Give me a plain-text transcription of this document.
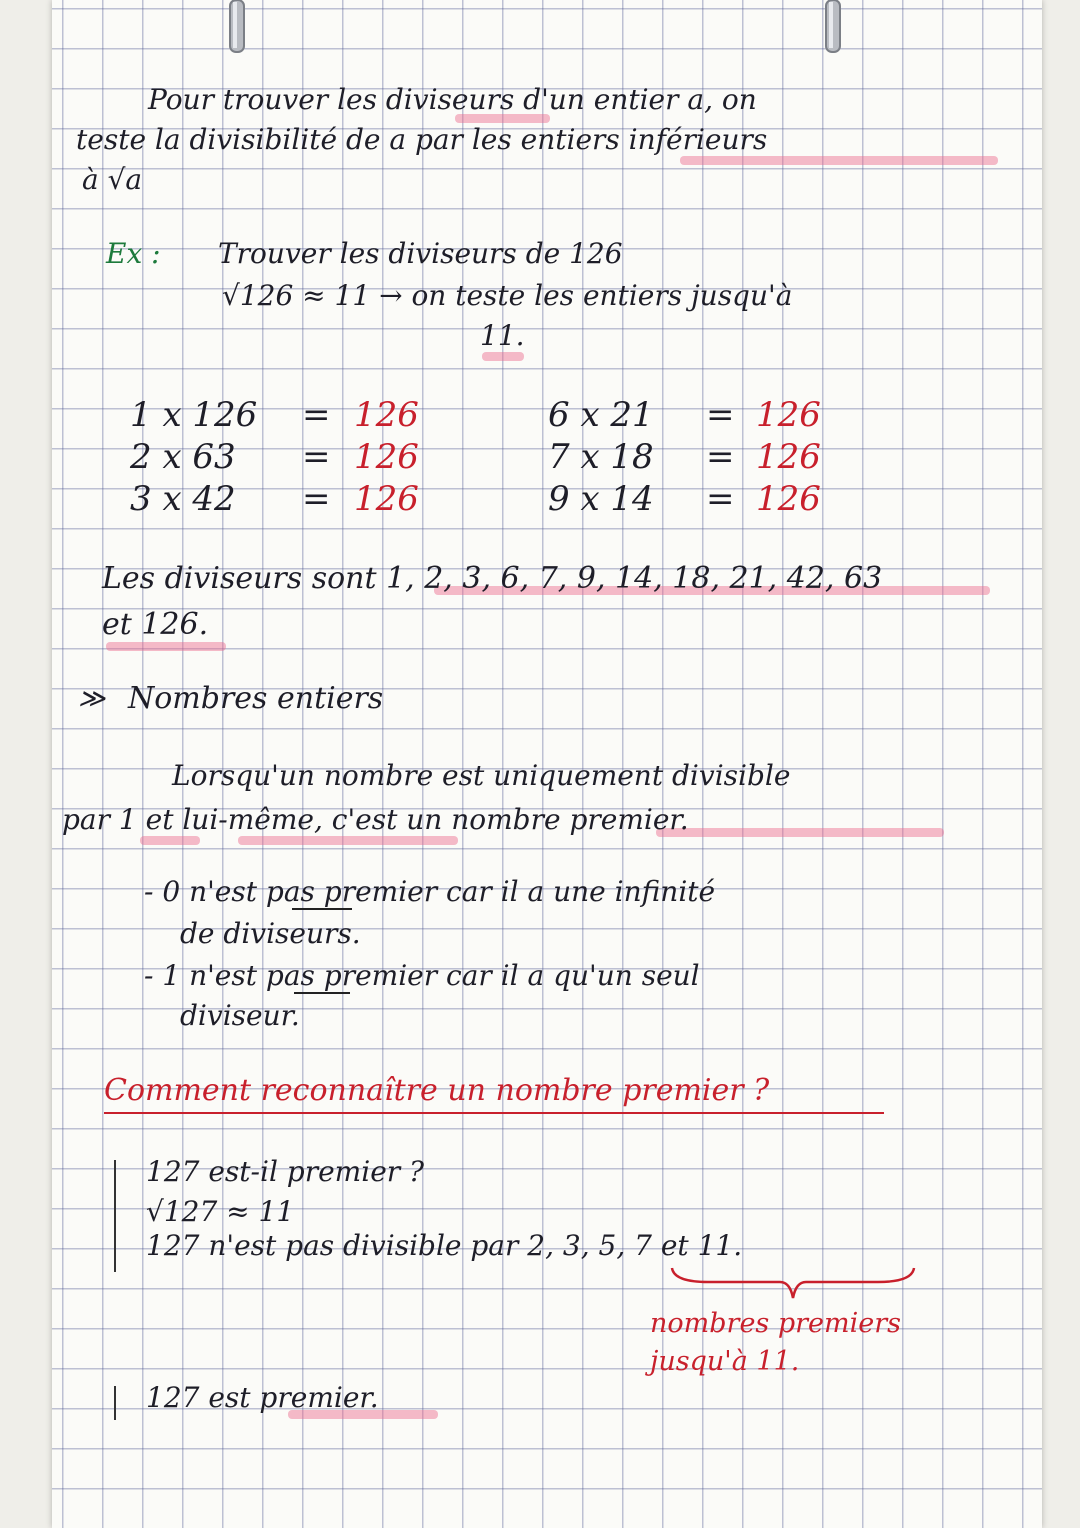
Pour trouver les diviseurs d'un entier a, on
teste la divisibilité de a par les entiers inférieurs
à √a
Ex : Trouver les diviseurs de 126
√126 ≈ 11 → on teste les entiers jusqu'à
11.
1 x 126 = 126
2 x 63 = 126
3 x 42 = 126
6 x 21 = 126
7 x 18 = 126
9 x 14 = 126
Les diviseurs sont 1, 2, 3, 6, 7, 9, 14, 18, 21, 42, 63
et 126.
≫ Nombres entiers
Lorsqu'un nombre est uniquement divisible
par 1 et lui-même, c'est un nombre premier.
- 0 n'est pas premier car il a une infinité
de diviseurs.
- 1 n'est pas premier car il a qu'un seul
diviseur.
Comment reconnaître un nombre premier ?
127 est-il premier ?
√127 ≈ 11
127 n'est pas divisible par 2, 3, 5, 7 et 11.
nombres premiers
jusqu'à 11.
127 est premier.
